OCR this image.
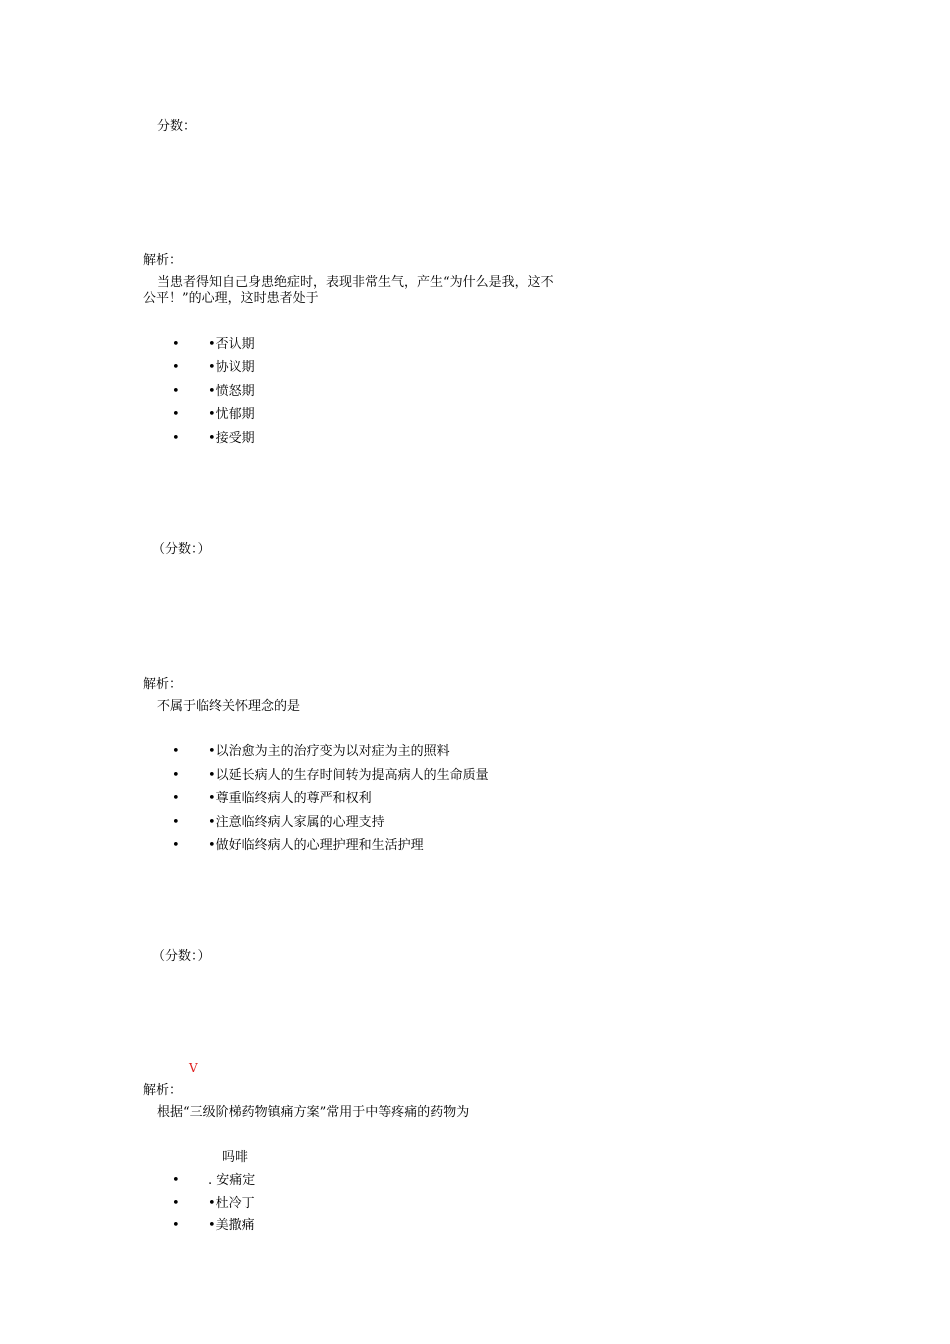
分数：
解析：
当患者得知自己身患绝症时，表现非常生气，产生“为什么是我，这不
公平！”的心理，这时患者处于
• •否认期
• •协议期
• •愤怒期
• •忧郁期
• •接受期
（分数：）
解析：
不属于临终关怀理念的是
• •以治愈为主的治疗变为以对症为主的照料
• •以延长病人的生存时间转为提高病人的生命质量
• •尊重临终病人的尊严和权利
• •注意临终病人家属的心理支持
• •做好临终病人的心理护理和生活护理
（分数：）
V
解析：
根据“三级阶梯药物镇痛方案”常用于中等疼痛的药物为
吗啡
• . 安痛定
• •杜冷丁
• •美撒痛
